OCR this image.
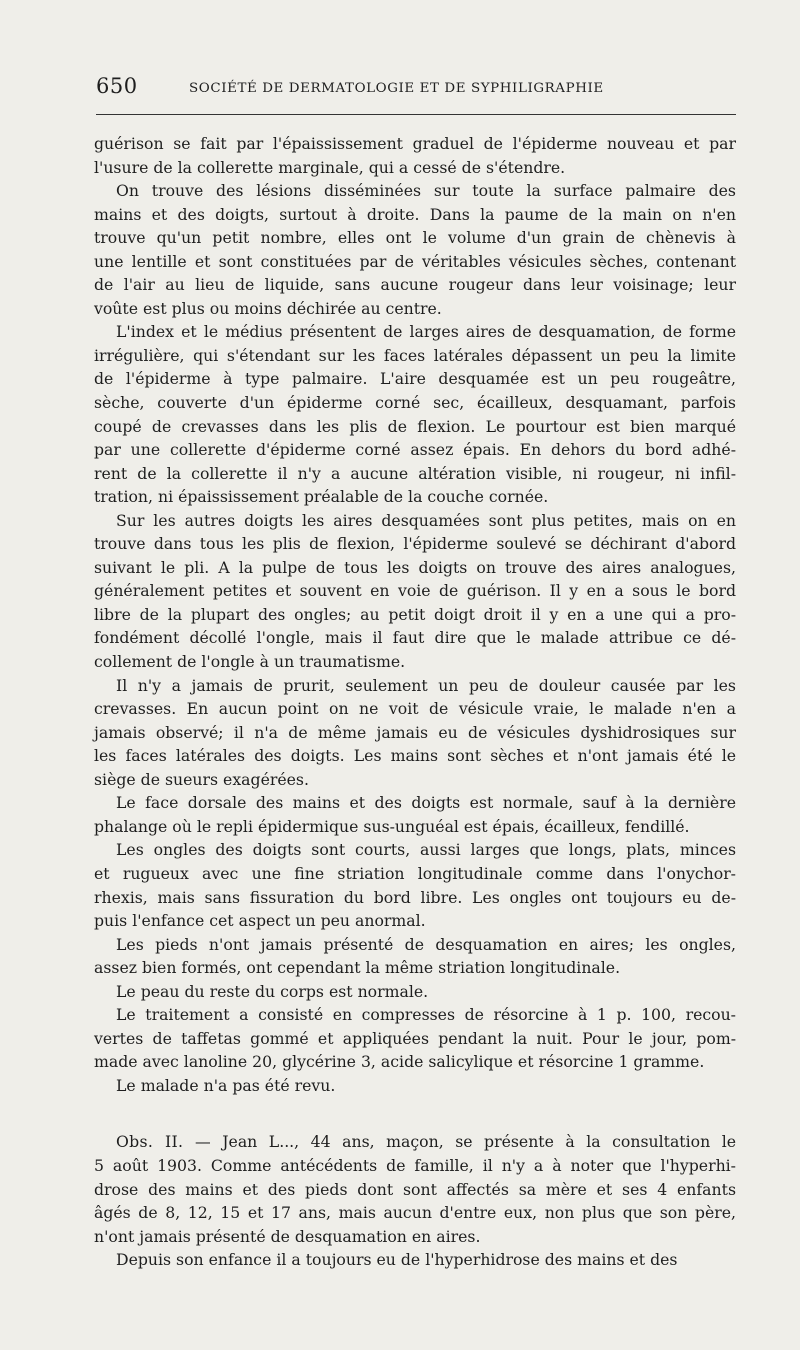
650	SOCIÉTÉ DE DERMATOLOGIE ET DE SYPHILIGRAPHIE
guérison se fait par l'épaississement graduel de l'épiderme nouveau et par
l'usure de la collerette marginale, qui a cessé de s'étendre.
On trouve des lésions disséminées sur toute la surface palmaire des
mains et des doigts, surtout à droite. Dans la paume de la main on n'en
trouve qu'un petit nombre, elles ont le volume d'un grain de chènevis à
une lentille et sont constituées par de véritables vésicules sèches, contenant
de l'air au lieu de liquide, sans aucune rougeur dans leur voisinage; leur
voûte est plus ou moins déchirée au centre.
L'index et le médius présentent de larges aires de desquamation, de forme
irrégulière, qui s'étendant sur les faces latérales dépassent un peu la limite
de l'épiderme à type palmaire. L'aire desquamée est un peu rougeâtre,
sèche, couverte d'un épiderme corné sec, écailleux, desquamant, parfois
coupé de crevasses dans les plis de flexion. Le pourtour est bien marqué
par une collerette d'épiderme corné assez épais. En dehors du bord adhé-
rent de la collerette il n'y a aucune altération visible, ni rougeur, ni infil-
tration, ni épaississement préalable de la couche cornée.
Sur les autres doigts les aires desquamées sont plus petites, mais on en
trouve dans tous les plis de flexion, l'épiderme soulevé se déchirant d'abord
suivant le pli. A la pulpe de tous les doigts on trouve des aires analogues,
généralement petites et souvent en voie de guérison. Il y en a sous le bord
libre de la plupart des ongles; au petit doigt droit il y en a une qui a pro-
fondément décollé l'ongle, mais il faut dire que le malade attribue ce dé-
collement de l'ongle à un traumatisme.
Il n'y a jamais de prurit, seulement un peu de douleur causée par les
crevasses. En aucun point on ne voit de vésicule vraie, le malade n'en a
jamais observé; il n'a de même jamais eu de vésicules dyshidrosiques sur
les faces latérales des doigts. Les mains sont sèches et n'ont jamais été le
siège de sueurs exagérées.
Le face dorsale des mains et des doigts est normale, sauf à la dernière
phalange où le repli épidermique sus-unguéal est épais, écailleux, fendillé.
Les ongles des doigts sont courts, aussi larges que longs, plats, minces
et rugueux avec une fine striation longitudinale comme dans l'onychor-
rhexis, mais sans fissuration du bord libre. Les ongles ont toujours eu de-
puis l'enfance cet aspect un peu anormal.
Les pieds n'ont jamais présenté de desquamation en aires; les ongles,
assez bien formés, ont cependant la même striation longitudinale.
Le peau du reste du corps est normale.
Le traitement a consisté en compresses de résorcine à 1 p. 100, recou-
vertes de taffetas gommé et appliquées pendant la nuit. Pour le jour, pom-
made avec lanoline 20, glycérine 3, acide salicylique et résorcine 1 gramme.
Le malade n'a pas été revu.
Obs. II. — Jean L..., 44 ans, maçon, se présente à la consultation le
5 août 1903. Comme antécédents de famille, il n'y a à noter que l'hyperhi-
drose des mains et des pieds dont sont affectés sa mère et ses 4 enfants
âgés de 8, 12, 15 et 17 ans, mais aucun d'entre eux, non plus que son père,
n'ont jamais présenté de desquamation en aires.
Depuis son enfance il a toujours eu de l'hyperhidrose des mains et des
